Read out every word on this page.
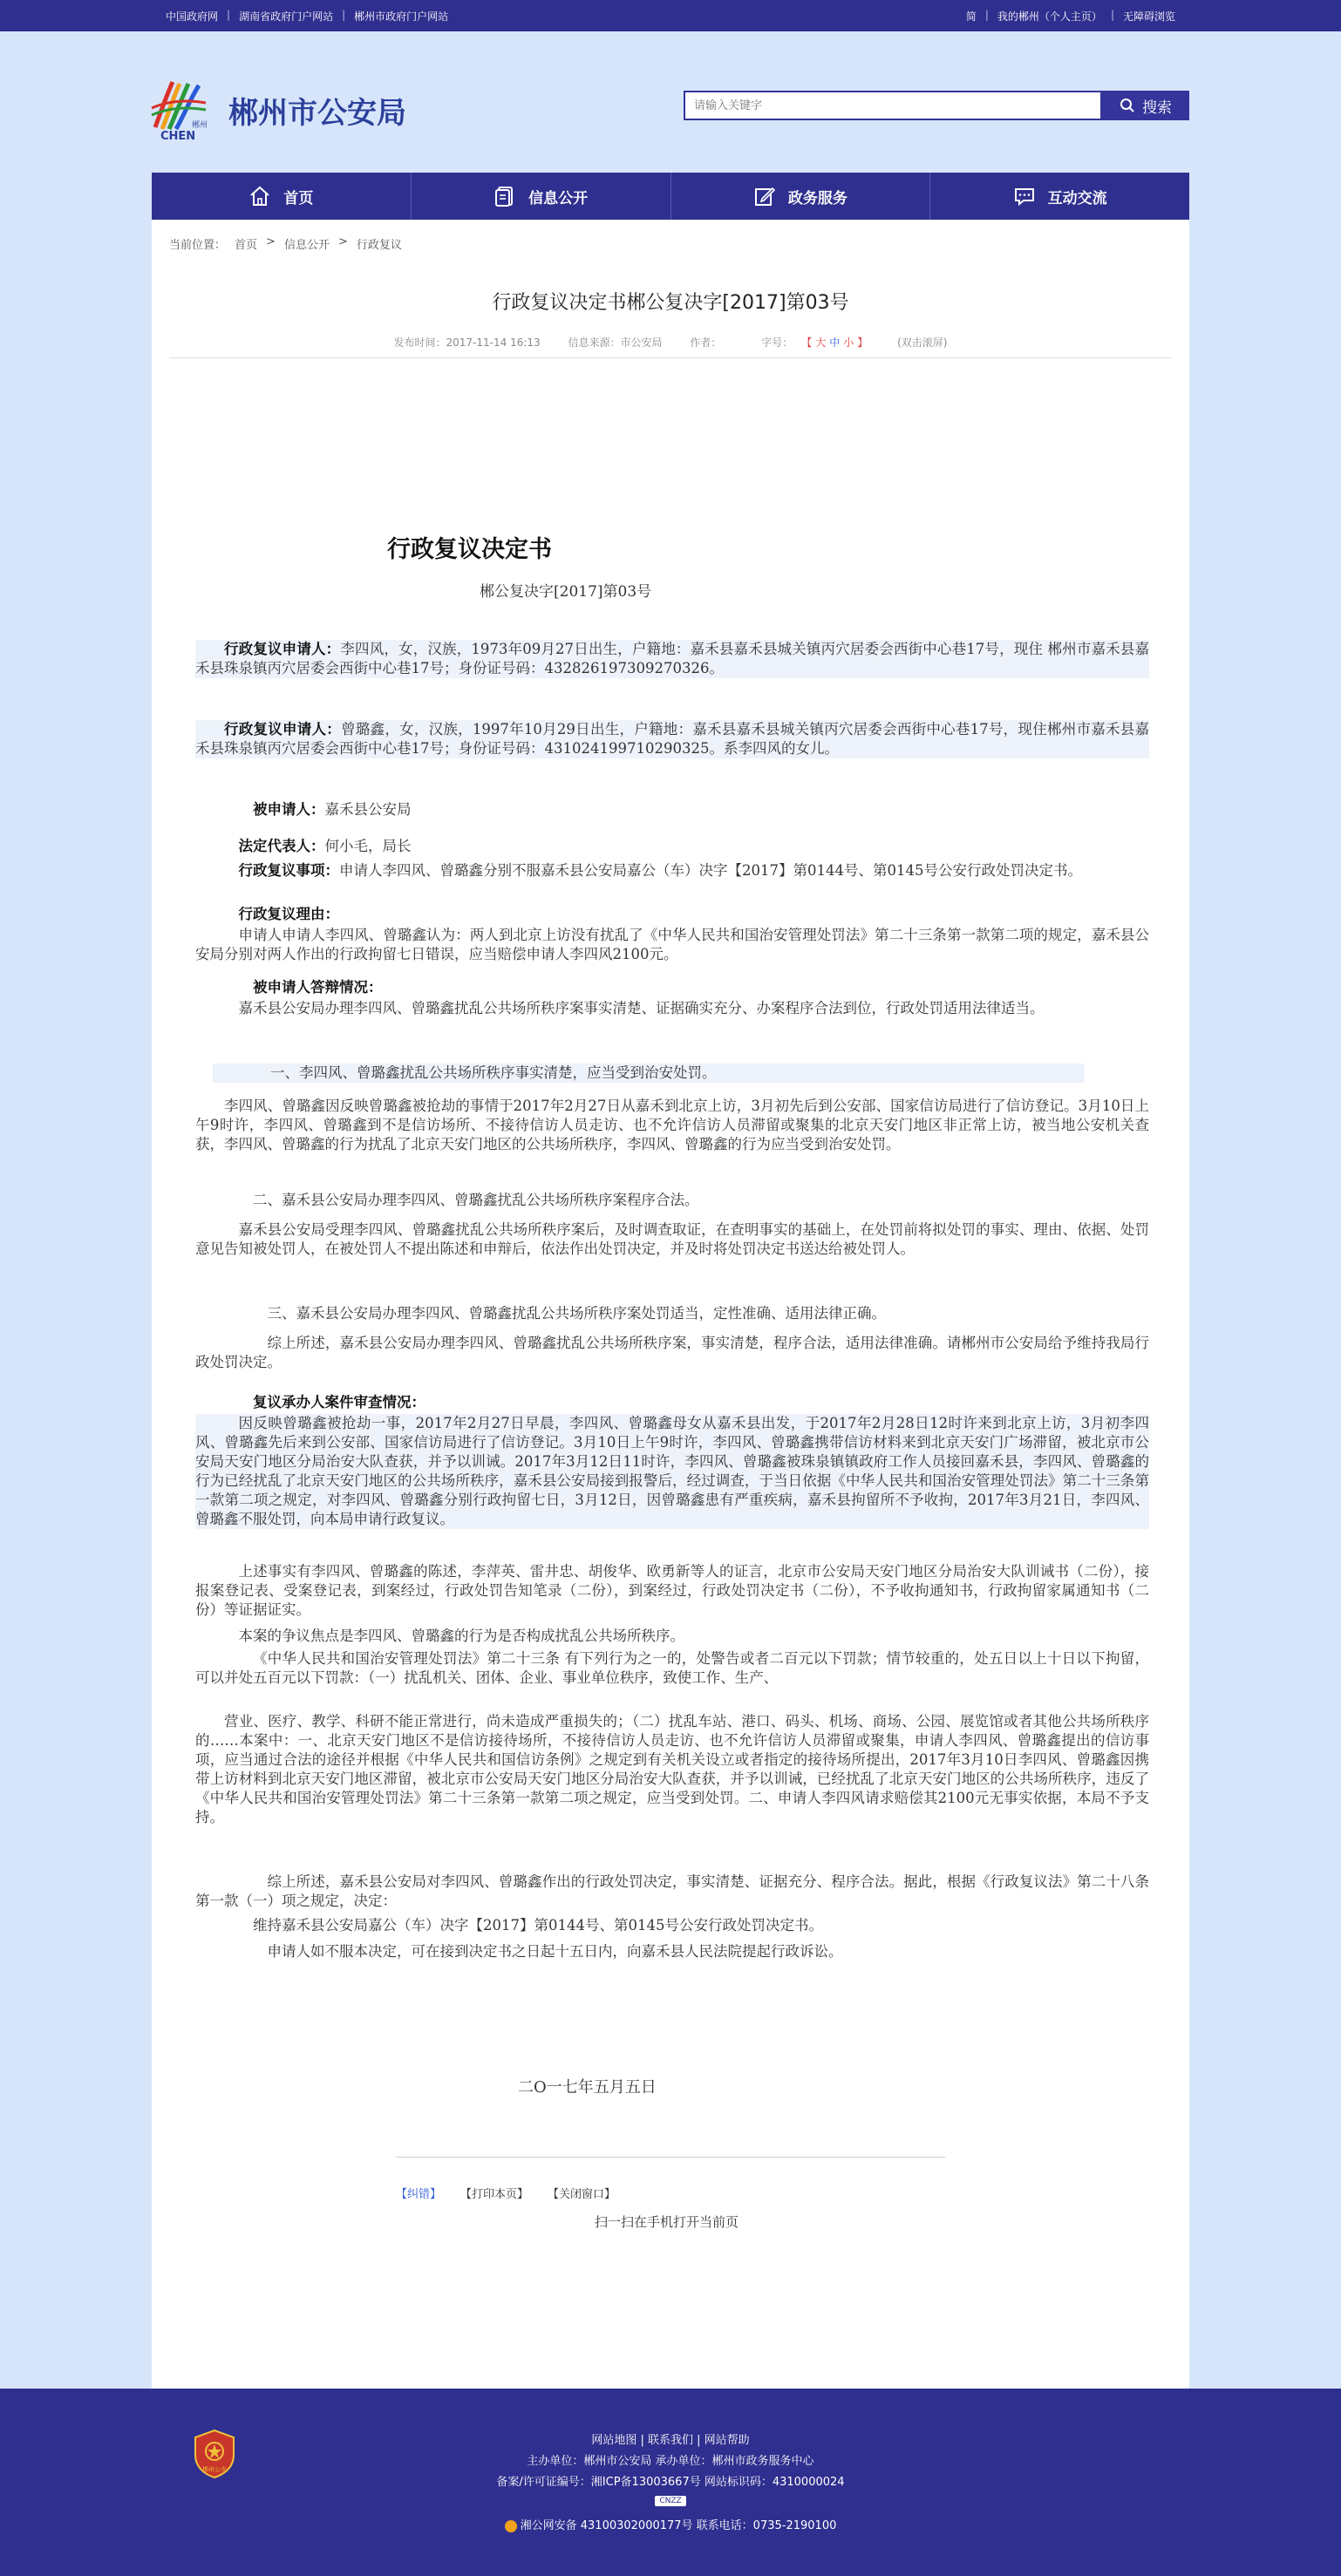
中国政府网 | 湖南省政府门户网站 | 郴州市政府门户网站	简 | 我的郴州（个人主页） | 无障碍浏览
郴州
CHEN
郴州市公安局
请输入关键字	搜索
首页	信息公开	政务服务	互动交流
当前位置： 首页 > 信息公开 > 行政复议
行政复议决定书郴公复决字[2017]第03号
发布时间：2017-11-14 16:13	信息来源：市公安局	作者：	字号： 【 大 中 小 】	(双击滚屏)
行政复议决定书
郴公复决字[2017]第03号
行政复议申请人：李四风，女，汉族，1973年09月27日出生，户籍地：嘉禾县嘉禾县城关镇丙穴居委会西街中心巷17号，现住 郴州市嘉禾县嘉禾县珠泉镇丙穴居委会西街中心巷17号；身份证号码：432826197309270326。
行政复议申请人：曾璐鑫，女，汉族，1997年10月29日出生，户籍地：嘉禾县嘉禾县城关镇丙穴居委会西街中心巷17号，现住郴州市嘉禾县嘉禾县珠泉镇丙穴居委会西街中心巷17号；身份证号码：431024199710290325。系李四风的女儿。
被申请人：嘉禾县公安局
法定代表人：何小毛，局长
行政复议事项：申请人李四风、曾璐鑫分别不服嘉禾县公安局嘉公（车）决字【2017】第0144号、第0145号公安行政处罚决定书。
行政复议理由：
申请人申请人李四风、曾璐鑫认为：两人到北京上访没有扰乱了《中华人民共和国治安管理处罚法》第二十三条第一款第二项的规定，嘉禾县公安局分别对两人作出的行政拘留七日错误，应当赔偿申请人李四风2100元。
被申请人答辩情况：
嘉禾县公安局办理李四风、曾璐鑫扰乱公共场所秩序案事实清楚、证据确实充分、办案程序合法到位，行政处罚适用法律适当。
一、李四风、曾璐鑫扰乱公共场所秩序事实清楚，应当受到治安处罚。
李四风、曾璐鑫因反映曾璐鑫被抢劫的事情于2017年2月27日从嘉禾到北京上访，3月初先后到公安部、国家信访局进行了信访登记。3月10日上午9时许，李四风、曾璐鑫到不是信访场所、不接待信访人员走访、也不允许信访人员滞留或聚集的北京天安门地区非正常上访，被当地公安机关查获，李四风、曾璐鑫的行为扰乱了北京天安门地区的公共场所秩序，李四风、曾璐鑫的行为应当受到治安处罚。
二、嘉禾县公安局办理李四风、曾璐鑫扰乱公共场所秩序案程序合法。
嘉禾县公安局受理李四风、曾璐鑫扰乱公共场所秩序案后，及时调查取证，在查明事实的基础上，在处罚前将拟处罚的事实、理由、依据、处罚意见告知被处罚人，在被处罚人不提出陈述和申辩后，依法作出处罚决定，并及时将处罚决定书送达给被处罚人。
三、嘉禾县公安局办理李四风、曾璐鑫扰乱公共场所秩序案处罚适当，定性准确、适用法律正确。
综上所述，嘉禾县公安局办理李四风、曾璐鑫扰乱公共场所秩序案，事实清楚，程序合法，适用法律准确。请郴州市公安局给予维持我局行政处罚决定。
复议承办人案件审查情况：
因反映曾璐鑫被抢劫一事，2017年2月27日早晨，李四风、曾璐鑫母女从嘉禾县出发，于2017年2月28日12时许来到北京上访，3月初李四风、曾璐鑫先后来到公安部、国家信访局进行了信访登记。3月10日上午9时许，李四风、曾璐鑫携带信访材料来到北京天安门广场滞留，被北京市公安局天安门地区分局治安大队查获，并予以训诫。2017年3月12日11时许，李四风、曾璐鑫被珠泉镇镇政府工作人员接回嘉禾县，李四风、曾璐鑫的行为已经扰乱了北京天安门地区的公共场所秩序，嘉禾县公安局接到报警后，经过调查，于当日依据《中华人民共和国治安管理处罚法》第二十三条第一款第二项之规定，对李四风、曾璐鑫分别行政拘留七日，3月12日，因曾璐鑫患有严重疾病，嘉禾县拘留所不予收拘，2017年3月21日，李四风、曾璐鑫不服处罚，向本局申请行政复议。
上述事实有李四风、曾璐鑫的陈述，李萍英、雷井忠、胡俊华、欧勇新等人的证言，北京市公安局天安门地区分局治安大队训诫书（二份），接报案登记表、受案登记表，到案经过，行政处罚告知笔录（二份），到案经过，行政处罚决定书（二份），不予收拘通知书，行政拘留家属通知书（二份）等证据证实。
本案的争议焦点是李四风、曾璐鑫的行为是否构成扰乱公共场所秩序。
《中华人民共和国治安管理处罚法》第二十三条 有下列行为之一的，处警告或者二百元以下罚款；情节较重的，处五日以上十日以下拘留，可以并处五百元以下罚款：（一）扰乱机关、团体、企业、事业单位秩序，致使工作、生产、
营业、医疗、教学、科研不能正常进行，尚未造成严重损失的；（二）扰乱车站、港口、码头、机场、商场、公园、展览馆或者其他公共场所秩序的……本案中：一、北京天安门地区不是信访接待场所，不接待信访人员走访、也不允许信访人员滞留或聚集，申请人李四风、曾璐鑫提出的信访事项，应当通过合法的途径并根据《中华人民共和国信访条例》之规定到有关机关设立或者指定的接待场所提出，2017年3月10日李四风、曾璐鑫因携带上访材料到北京天安门地区滞留，被北京市公安局天安门地区分局治安大队查获，并予以训诫，已经扰乱了北京天安门地区的公共场所秩序，违反了《中华人民共和国治安管理处罚法》第二十三条第一款第二项之规定，应当受到处罚。二、申请人李四风请求赔偿其2100元无事实依据，本局不予支持。
综上所述，嘉禾县公安局对李四风、曾璐鑫作出的行政处罚决定，事实清楚、证据充分、程序合法。据此，根据《行政复议法》第二十八条第一款（一）项之规定，决定：
维持嘉禾县公安局嘉公（车）决字【2017】第0144号、第0145号公安行政处罚决定书。
申请人如不服本决定，可在接到决定书之日起十五日内，向嘉禾县人民法院提起行政诉讼。
二O一七年五月五日
【纠错】 【打印本页】 【关闭窗口】
扫一扫在手机打开当前页
郴州公安
网站地图 | 联系我们 | 网站帮助
主办单位：郴州市公安局 承办单位：郴州市政务服务中心
备案/许可证编号：湘ICP备13003667号 网站标识码：4310000024
CNZZ
湘公网安备 43100302000177号 联系电话：0735-2190100
